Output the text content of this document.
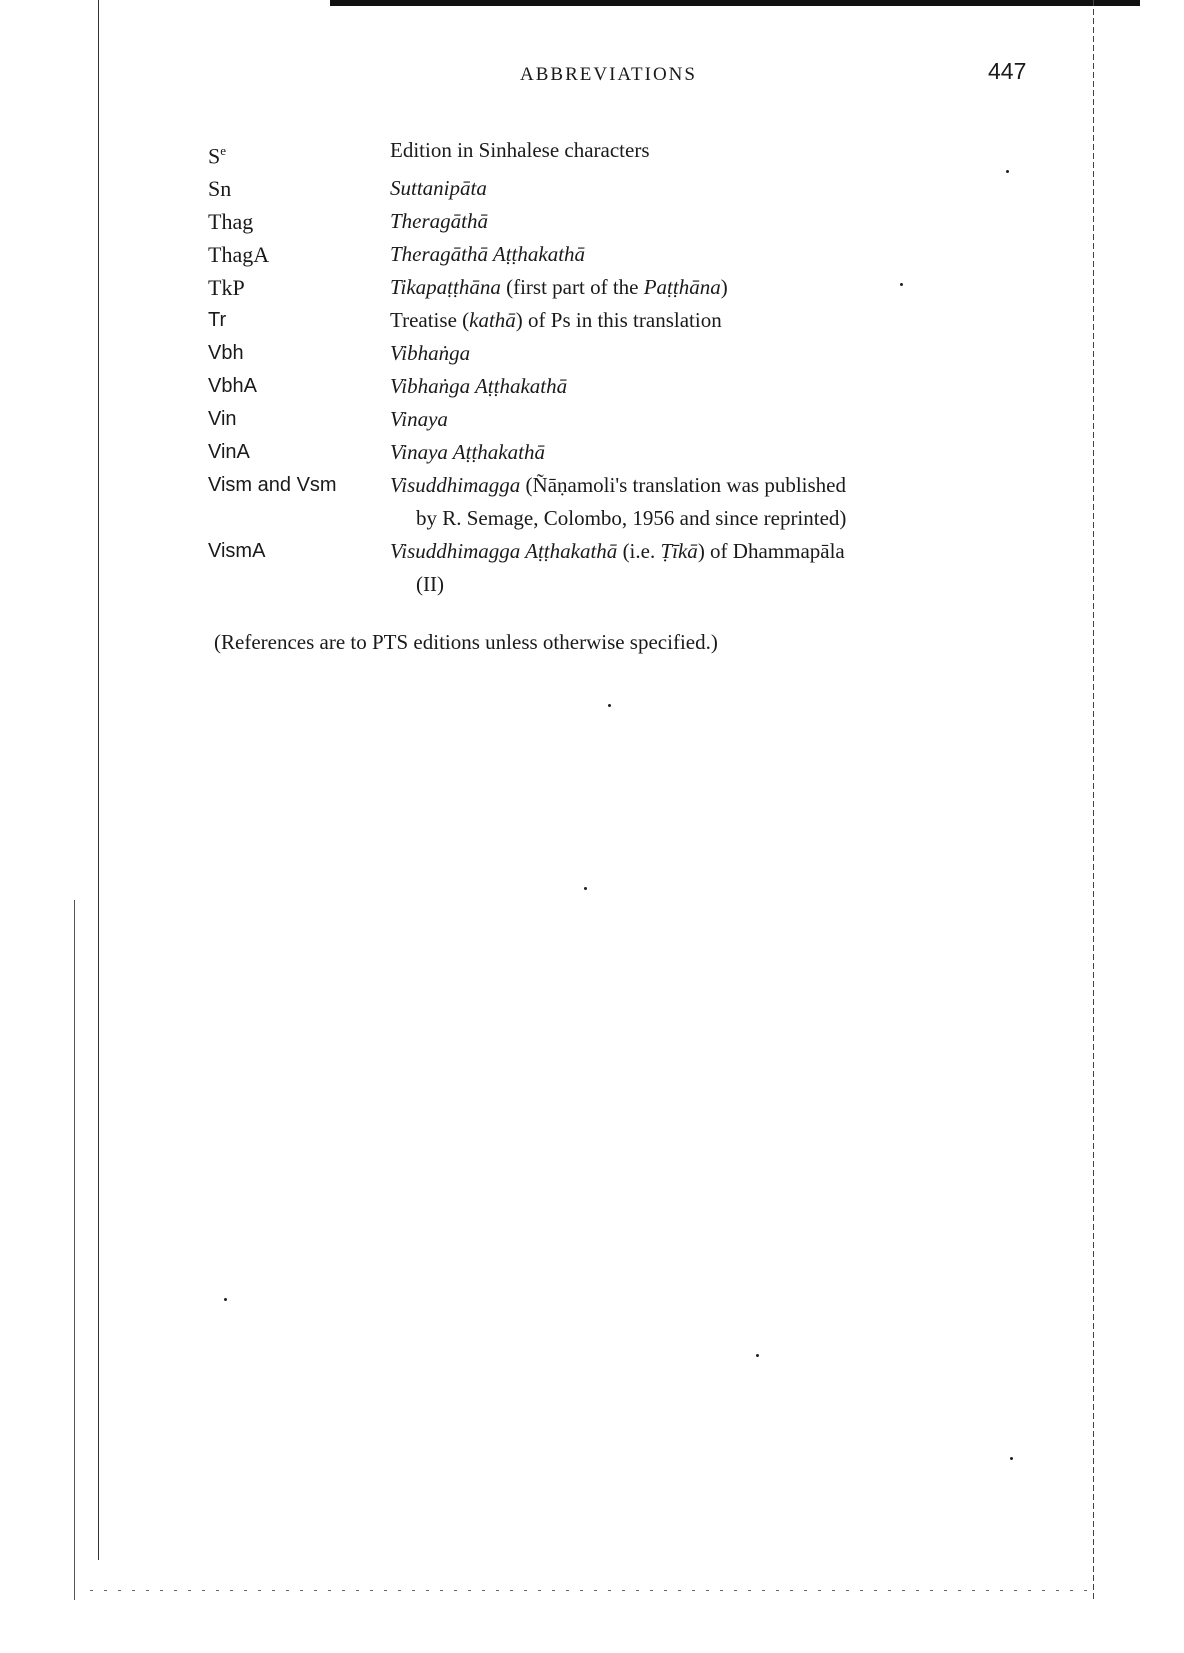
ABBREVIATIONS	447
$S^e$	Edition in Sinhalese characters
Sn	Suttanipāta
Thag	Theragāthā
ThagA	Theragāthā Aṭṭhakathā
TkP	Tikapaṭṭhāna (first part of the Paṭṭhāna)
Tr	Treatise (kathā) of Ps in this translation
Vbh	Vibhaṅga
VbhA	Vibhaṅga Aṭṭhakathā
Vin	Vinaya
VinA	Vinaya Aṭṭhakathā
Vism and Vsm	Visuddhimagga (Ñāṇamoli's translation was published
by R. Semage, Colombo, 1956 and since reprinted)
VismA	Visuddhimagga Aṭṭhakathā (i.e. Ṭīkā) of Dhammapāla
(II)
(References are to PTS editions unless otherwise specified.)
